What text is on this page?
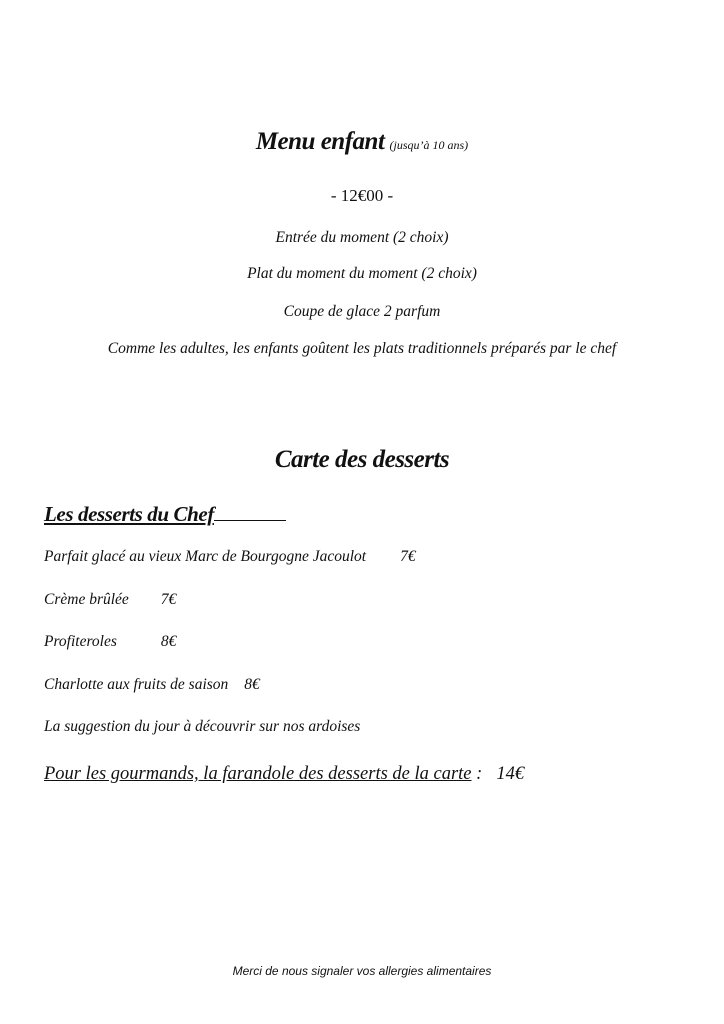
Menu enfant (jusqu’à 10 ans)
- 12€00 -
Entrée du moment (2 choix)
Plat du moment du moment (2 choix)
Coupe de glace 2 parfum
Comme les adultes, les enfants goûtent les plats traditionnels préparés par le chef
Carte des desserts
Les desserts du Chef
Parfait glacé au vieux Marc de Bourgogne Jacoulot 7€
Crème brûlée 7€
Profiteroles	8€
Charlotte aux fruits de saison 8€
La suggestion du jour à découvrir sur nos ardoises
Pour les gourmands, la farandole des desserts de la carte : 14€
Merci de nous signaler vos allergies alimentaires
